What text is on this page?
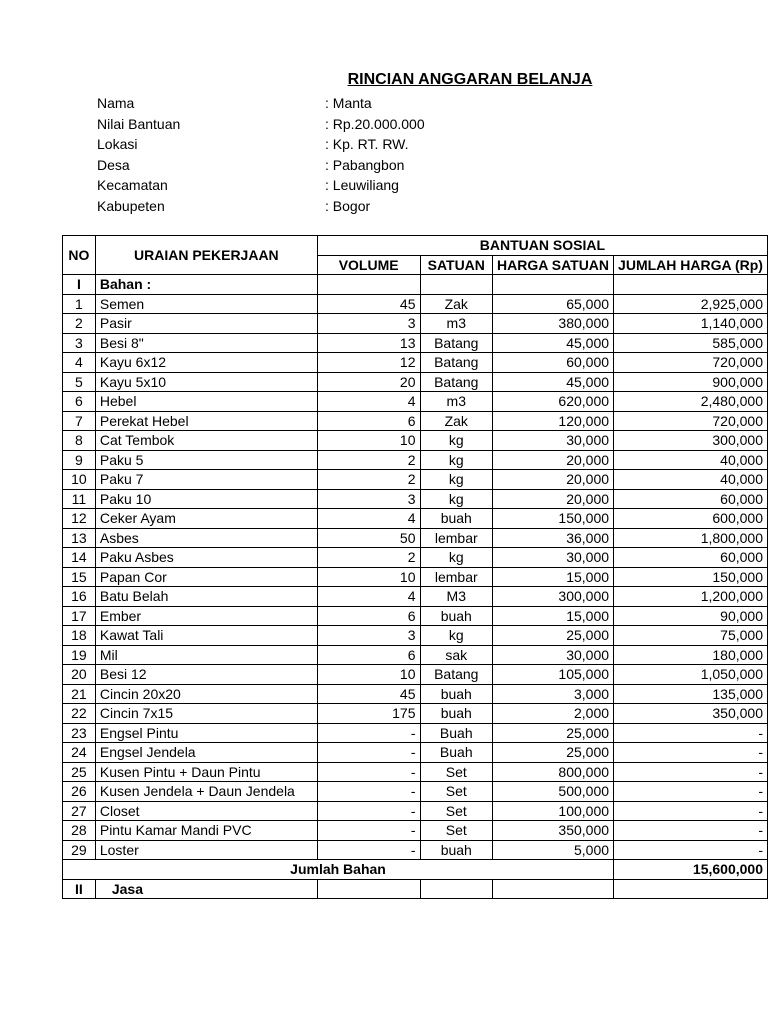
RINCIAN ANGGARAN BELANJA
Nama	: Manta
Nilai Bantuan	: Rp.20.000.000
Lokasi	: Kp. RT. RW.
Desa	: Pabangbon
Kecamatan	: Leuwiliang
Kabupeten	: Bogor
NO	URAIAN PEKERJAAN	BANTUAN SOSIAL			
		VOLUME	SATUAN	HARGA SATUAN	JUMLAH HARGA (Rp)
I	Bahan :				
1	Semen	45	Zak	65,000	2,925,000
2	Pasir	3	m3	380,000	1,140,000
3	Besi 8"	13	Batang	45,000	585,000
4	Kayu 6x12	12	Batang	60,000	720,000
5	Kayu 5x10	20	Batang	45,000	900,000
6	Hebel	4	m3	620,000	2,480,000
7	Perekat Hebel	6	Zak	120,000	720,000
8	Cat Tembok	10	kg	30,000	300,000
9	Paku 5	2	kg	20,000	40,000
10	Paku 7	2	kg	20,000	40,000
11	Paku 10	3	kg	20,000	60,000
12	Ceker Ayam	4	buah	150,000	600,000
13	Asbes	50	lembar	36,000	1,800,000
14	Paku Asbes	2	kg	30,000	60,000
15	Papan Cor	10	lembar	15,000	150,000
16	Batu Belah	4	M3	300,000	1,200,000
17	Ember	6	buah	15,000	90,000
18	Kawat Tali	3	kg	25,000	75,000
19	Mil	6	sak	30,000	180,000
20	Besi 12	10	Batang	105,000	1,050,000
21	Cincin 20x20	45	buah	3,000	135,000
22	Cincin 7x15	175	buah	2,000	350,000
23	Engsel Pintu	-	Buah	25,000	-
24	Engsel Jendela	-	Buah	25,000	-
25	Kusen Pintu + Daun Pintu	-	Set	800,000	-
26	Kusen Jendela + Daun Jendela	-	Set	500,000	-
27	Closet	-	Set	100,000	-
28	Pintu Kamar Mandi PVC	-	Set	350,000	-
29	Loster	-	buah	5,000	-
Jumlah Bahan					15,600,000
II	Jasa				
